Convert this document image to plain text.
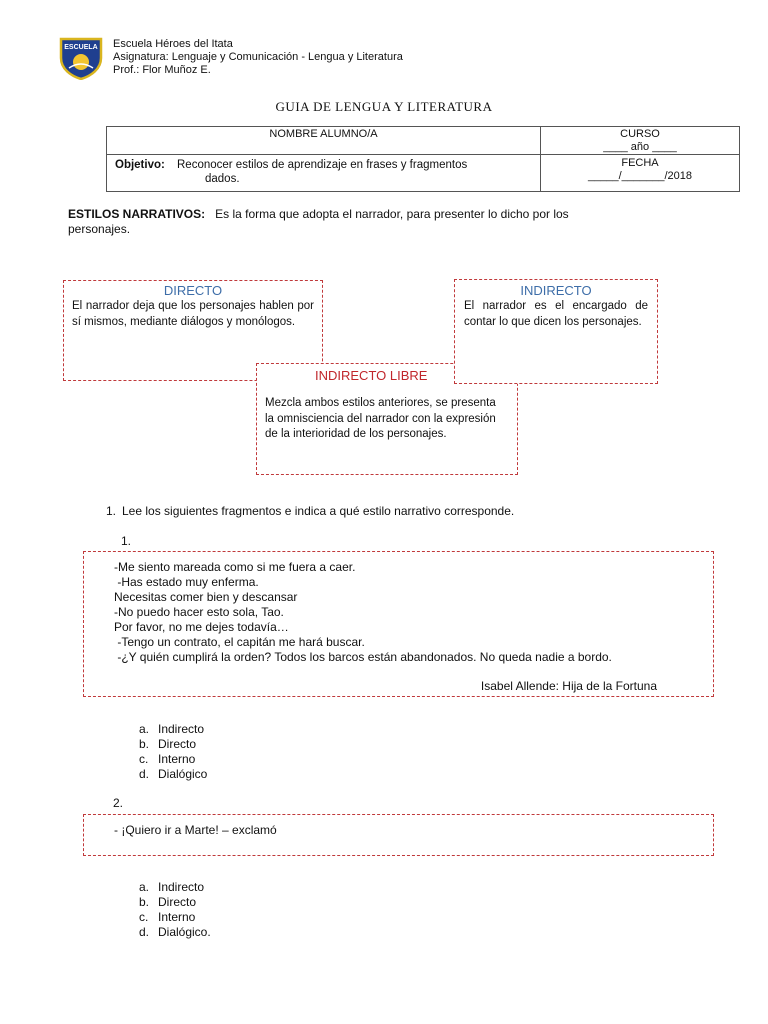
ESCUELA Escuela Héroes del Itata
Asignatura: Lenguaje y Comunicación - Lengua y Literatura
Prof.: Flor Muñoz E.
GUIA DE LENGUA Y LITERATURA
NOMBRE ALUMNO/A	CURSO
____ año ____
Objetivo: Reconocer estilos de aprendizaje en frases y fragmentos
dados.
FECHA
_____/_______/2018
ESTILOS NARRATIVOS: Es la forma que adopta el narrador, para presenter lo dicho por los
personajes.
DIRECTO
El narrador deja que los personajes hablen por sí mismos, mediante diálogos y monólogos.
INDIRECTO LIBRE
Mezcla ambos estilos anteriores, se presenta la omnisciencia del narrador con la expresión de la interioridad de los personajes.
INDIRECTO
El narrador es el encargado de contar lo que dicen los personajes.
1. Lee los siguientes fragmentos e indica a qué estilo narrativo corresponde.
1.
-Me siento mareada como si me fuera a caer.
-Has estado muy enferma.
Necesitas comer bien y descansar
-No puedo hacer esto sola, Tao.
Por favor, no me dejes todavía…
-Tengo un contrato, el capitán me hará buscar.
-¿Y quién cumplirá la orden? Todos los barcos están abandonados. No queda nadie a bordo.
Isabel Allende: Hija de la Fortuna
a. Indirecto
b. Directo
c. Interno
d. Dialógico
2.
- ¡Quiero ir a Marte! – exclamó
a. Indirecto
b. Directo
c. Interno
d. Dialógico.
